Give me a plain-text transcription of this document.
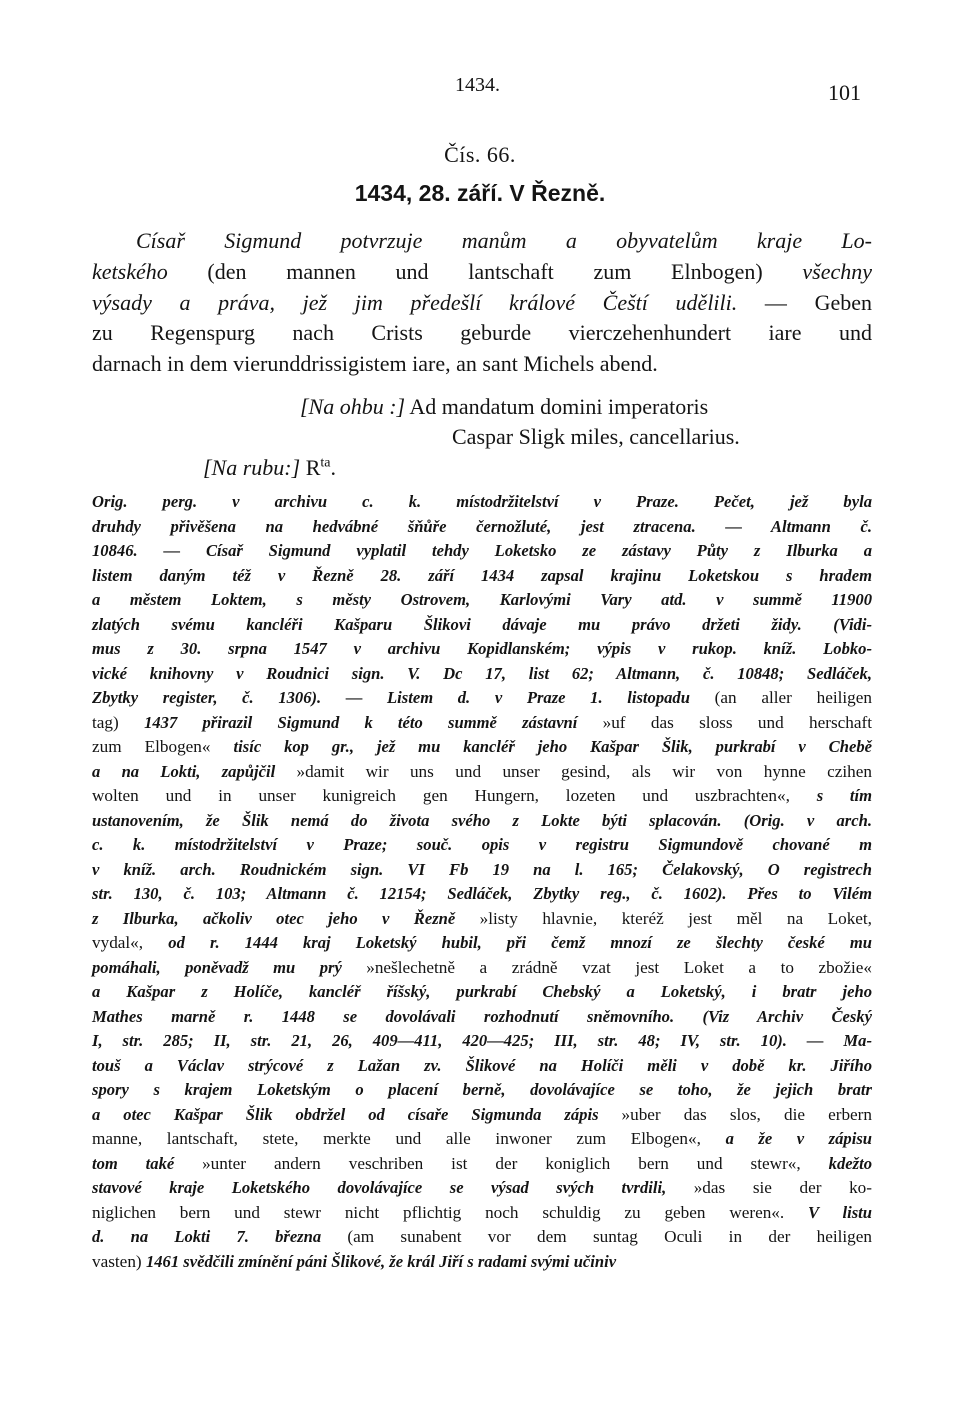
1434.	101
Čís. 66.
1434, 28. září. V Řezně.
Císař Sigmund potvrzuje manům a obyvatelům kraje Lo-
ketského (den mannen und lantschaft zum Elnbogen) všechny
výsady a práva, jež jim předešlí králové Čeští udělili. — Geben
zu Regenspurg nach Crists geburde vierczehenhundert iare und
darnach in dem vierunddrissigistem iare, an sant Michels abend.
[Na ohbu :] Ad mandatum domini imperatoris
Caspar Sligk miles, cancellarius.
[Na rubu:] $R^{ta}$.
Orig. perg. v archivu c. k. místodržitelství v Praze. Pečet, jež byla
druhdy přivěšena na hedvábné šňůře černožluté, jest ztracena. — Altmann č.
10846. — Císař Sigmund vyplatil tehdy Loketsko ze zástavy Půty z Ilburka a
listem daným též v Řezně 28. září 1434 zapsal krajinu Loketskou s hradem
a městem Loktem, s městy Ostrovem, Karlovými Vary atd. v summě 11900
zlatých svému kancléři Kašparu Šlikovi dávaje mu právo držeti židy. (Vidi-
mus z 30. srpna 1547 v archivu Kopidlanském; výpis v rukop. kníž. Lobko-
vické knihovny v Roudnici sign. V. Dc 17, list 62; Altmann, č. 10848; Sedláček,
Zbytky register, č. 1306). — Listem d. v Praze 1. listopadu (an aller heiligen
tag) 1437 přirazil Sigmund k této summě zástavní »uf das sloss und herschaft
zum Elbogen« tisíc kop gr., jež mu kancléř jeho Kašpar Šlik, purkrabí v Chebě
a na Lokti, zapůjčil »damit wir uns und unser gesind, als wir von hynne czihen
wolten und in unser kunigreich gen Hungern, lozeten und uszbrachten«, s tím
ustanovením, že Šlik nemá do života svého z Lokte býti splacován. (Orig. v arch.
c. k. místodržitelství v Praze; souč. opis v registru Sigmundově chované m
v kníž. arch. Roudnickém sign. VI Fb 19 na l. 165; Čelakovský, O registrech
str. 130, č. 103; Altmann č. 12154; Sedláček, Zbytky reg., č. 1602). Přes to Vilém
z Ilburka, ačkoliv otec jeho v Řezně »listy hlavnie, kteréž jest měl na Loket,
vydal«, od r. 1444 kraj Loketský hubil, při čemž mnozí ze šlechty české mu
pomáhali, poněvadž mu prý »nešlechetně a zrádně vzat jest Loket a to zbožie«
a Kašpar z Holíče, kancléř říšský, purkrabí Chebský a Loketský, i bratr jeho
Mathes marně r. 1448 se dovolávali rozhodnutí sněmovního. (Viz Archiv Český
I, str. 285; II, str. 21, 26, 409—411, 420—425; III, str. 48; IV, str. 10). — Ma-
touš a Václav strýcové z Lažan zv. Šlikové na Holíči měli v době kr. Jiřího
spory s krajem Loketským o placení berně, dovolávajíce se toho, že jejich bratr
a otec Kašpar Šlik obdržel od císaře Sigmunda zápis »uber das slos, die erbern
manne, lantschaft, stete, merkte und alle inwoner zum Elbogen«, a že v zápisu
tom také »unter andern veschriben ist der koniglich bern und stewr«, kdežto
stavové kraje Loketského dovolávajíce se výsad svých tvrdili, »das sie der ko-
niglichen bern und stewr nicht pflichtig noch schuldig zu geben weren«. V listu
d. na Lokti 7. března (am sunabent vor dem suntag Oculi in der heiligen
vasten) 1461 svědčili zmínění páni Šlikové, že král Jiří s radami svými učiniv
